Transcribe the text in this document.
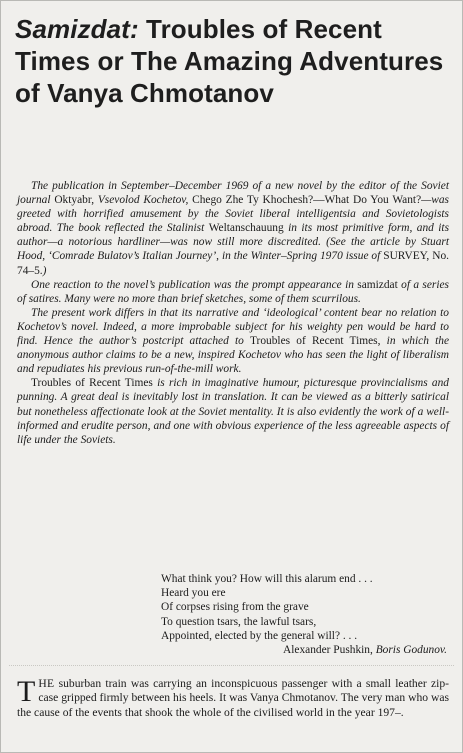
Samizdat: Troubles of Recent Times or The Amazing Adventures of Vanya Chmotanov

The publication in September–December 1969 of a new novel by the editor of the Soviet journal Oktyabr, Vsevolod Kochetov, Chego Zhe Ty Khochesh?—What Do You Want?—was greeted with horrified amusement by the Soviet liberal intelligentsia and Sovietologists abroad. The book reflected the Stalinist Weltanschauung in its most primitive form, and its author—a notorious hardliner—was now still more discredited. (See the article by Stuart Hood, ‘Comrade Bulatov’s Italian Journey’, in the Winter–Spring 1970 issue of SURVEY, No. 74–5.)

One reaction to the novel’s publication was the prompt appearance in samizdat of a series of satires. Many were no more than brief sketches, some of them scurrilous.

The present work differs in that its narrative and ‘ideological’ content bear no relation to Kochetov’s novel. Indeed, a more improbable subject for his weighty pen would be hard to find. Hence the author’s postcript attached to Troubles of Recent Times, in which the anonymous author claims to be a new, inspired Kochetov who has seen the light of liberalism and repudiates his previous run-of-the-mill work.

Troubles of Recent Times is rich in imaginative humour, picturesque provincialisms and punning. A great deal is inevitably lost in translation. It can be viewed as a bitterly satirical but nonetheless affectionate look at the Soviet mentality. It is also evidently the work of a well-informed and erudite person, and one with obvious experience of the less agreeable aspects of life under the Soviets.

What think you? How will this alarum end . . .
Heard you ere
Of corpses rising from the grave
To question tsars, the lawful tsars,
Appointed, elected by the general will? . . .
Alexander Pushkin, Boris Godunov.
THE suburban train was carrying an inconspicuous passenger with a small leather zip-case gripped firmly between his heels. It was Vanya Chmotanov. The very man who was the cause of the events that shook the whole of the civilised world in the year 197–.
